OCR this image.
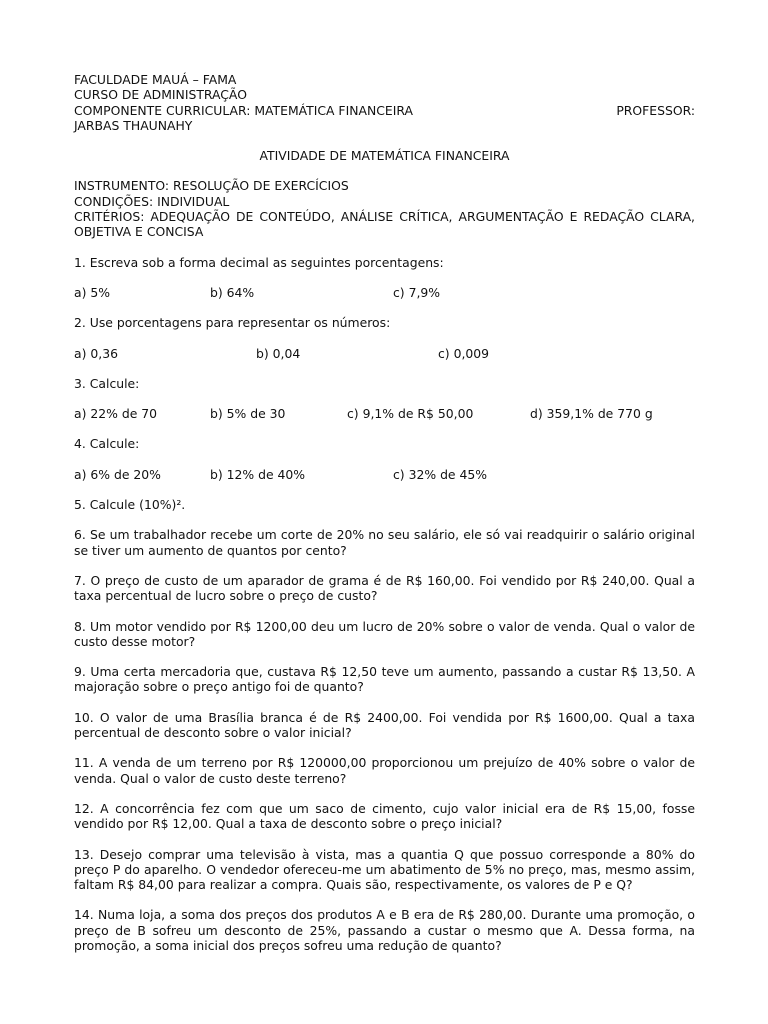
FACULDADE MAUÁ – FAMA
CURSO DE ADMINISTRAÇÃO
COMPONENTE CURRICULAR: MATEMÁTICA FINANCEIRA	PROFESSOR:
JARBAS THAUNAHY
ATIVIDADE DE MATEMÁTICA FINANCEIRA
INSTRUMENTO: RESOLUÇÃO DE EXERCÍCIOS
CONDIÇÕES: INDIVIDUAL

CRITÉRIOS: ADEQUAÇÃO DE CONTEÚDO, ANÁLISE CRÍTICA, ARGUMENTAÇÃO E REDAÇÃO CLARA, OBJETIVA E CONCISA

1. Escreva sob a forma decimal as seguintes porcentagens:

a) 5%	b) 64%	c) 7,9%

2. Use porcentagens para representar os números:

a) 0,36	b) 0,04	c) 0,009

3. Calcule:

a) 22% de 70	b) 5% de 30	c) 9,1% de R$ 50,00	d) 359,1% de 770 g

4. Calcule:

a) 6% de 20%	b) 12% de 40%	c) 32% de 45%

5. Calcule (10%)².

6. Se um trabalhador recebe um corte de 20% no seu salário, ele só vai readquirir o salário original se tiver um aumento de quantos por cento?

7. O preço de custo de um aparador de grama é de R$ 160,00. Foi vendido por R$ 240,00. Qual a taxa percentual de lucro sobre o preço de custo?

8. Um motor vendido por R$ 1200,00 deu um lucro de 20% sobre o valor de venda. Qual o valor de custo desse motor?

9. Uma certa mercadoria que, custava R$ 12,50 teve um aumento, passando a custar R$ 13,50. A majoração sobre o preço antigo foi de quanto?

10. O valor de uma Brasília branca é de R$ 2400,00. Foi vendida por R$ 1600,00. Qual a taxa percentual de desconto sobre o valor inicial?

11. A venda de um terreno por R$ 120000,00 proporcionou um prejuízo de 40% sobre o valor de venda. Qual o valor de custo deste terreno?

12. A concorrência fez com que um saco de cimento, cujo valor inicial era de R$ 15,00, fosse vendido por R$ 12,00. Qual a taxa de desconto sobre o preço inicial?

13. Desejo comprar uma televisão à vista, mas a quantia Q que possuo corresponde a 80% do preço P do aparelho. O vendedor ofereceu-me um abatimento de 5% no preço, mas, mesmo assim, faltam R$ 84,00 para realizar a compra. Quais são, respectivamente, os valores de P e Q?

14. Numa loja, a soma dos preços dos produtos A e B era de R$ 280,00. Durante uma promoção, o preço de B sofreu um desconto de 25%, passando a custar o mesmo que A. Dessa forma, na promoção, a soma inicial dos preços sofreu uma redução de quanto?
